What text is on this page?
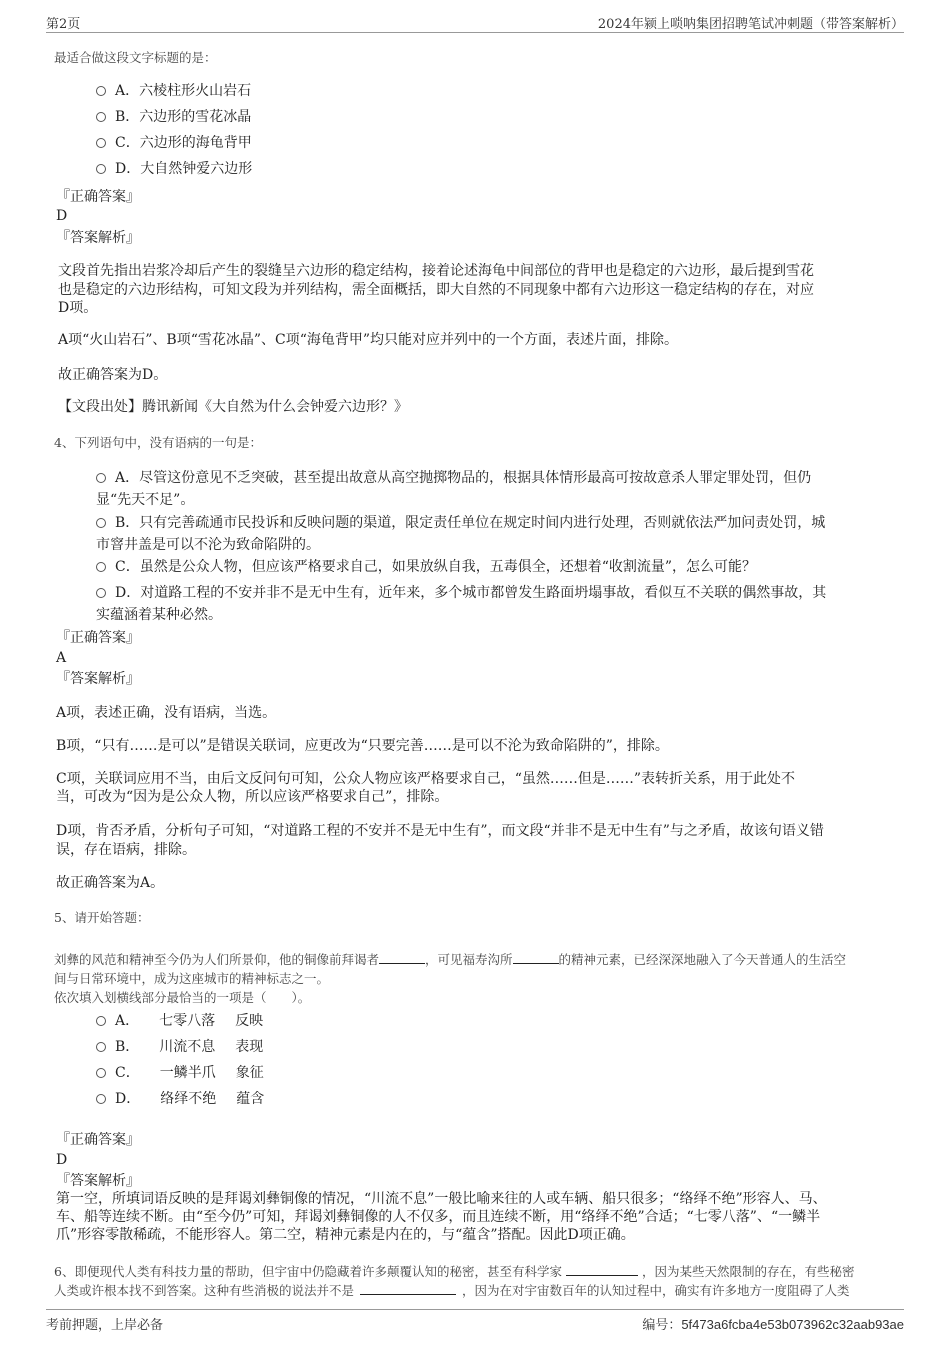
第2页	2024年颍上唢呐集团招聘笔试冲刺题（带答案解析）
最适合做这段文字标题的是：
A．六棱柱形火山岩石
B．六边形的雪花冰晶
C．六边形的海龟背甲
D．大自然钟爱六边形
『正确答案』
D
『答案解析』
文段首先指出岩浆冷却后产生的裂缝呈六边形的稳定结构，接着论述海龟中间部位的背甲也是稳定的六边形，最后提到雪花
也是稳定的六边形结构，可知文段为并列结构，需全面概括，即大自然的不同现象中都有六边形这一稳定结构的存在，对应
D项。
A项“火山岩石”、B项“雪花冰晶”、C项“海龟背甲”均只能对应并列中的一个方面，表述片面，排除。
故正确答案为D。
【文段出处】腾讯新闻《大自然为什么会钟爱六边形？》
4、下列语句中，没有语病的一句是：
A．尽管这份意见不乏突破，甚至提出故意从高空抛掷物品的，根据具体情形最高可按故意杀人罪定罪处罚，但仍
显“先天不足”。
B．只有完善疏通市民投诉和反映问题的渠道，限定责任单位在规定时间内进行处理，否则就依法严加问责处罚，城
市窨井盖是可以不沦为致命陷阱的。
C．虽然是公众人物，但应该严格要求自己，如果放纵自我，五毒俱全，还想着“收割流量”，怎么可能？
D．对道路工程的不安并非不是无中生有，近年来，多个城市都曾发生路面坍塌事故，看似互不关联的偶然事故，其
实蕴涵着某种必然。
『正确答案』
A
『答案解析』
A项，表述正确，没有语病，当选。
B项，“只有……是可以”是错误关联词，应更改为“只要完善……是可以不沦为致命陷阱的”，排除。
C项，关联词应用不当，由后文反问句可知，公众人物应该严格要求自己，“虽然……但是……”表转折关系，用于此处不
当，可改为“因为是公众人物，所以应该严格要求自己”，排除。
D项，肯否矛盾，分析句子可知，“对道路工程的不安并不是无中生有”，而文段“并非不是无中生有”与之矛盾，故该句语义错
误，存在语病，排除。
故正确答案为A。
5、请开始答题：
刘彝的风范和精神至今仍为人们所景仰，他的铜像前拜谒者	，可见福寿沟所	的精神元素，已经深深地融入了今天普通人的生活空
间与日常环境中，成为这座城市的精神标志之一。
依次填入划横线部分最恰当的一项是（　　）。
A． 七零八落 反映
B． 川流不息 表现
C． 一鳞半爪 象征
D． 络绎不绝 蕴含
『正确答案』
D
『答案解析』
第一空，所填词语反映的是拜谒刘彝铜像的情况，“川流不息”一般比喻来往的人或车辆、船只很多；“络绎不绝”形容人、马、
车、船等连续不断。由“至今仍”可知，拜谒刘彝铜像的人不仅多，而且连续不断，用“络绎不绝”合适；“七零八落”、“一鳞半
爪”形容零散稀疏，不能形容人。第二空，精神元素是内在的，与“蕴含”搭配。因此D项正确。
6、即便现代人类有科技力量的帮助，但宇宙中仍隐藏着许多颠覆认知的秘密，甚至有科学家	，因为某些天然限制的存在，有些秘密
人类或许根本找不到答案。这种有些消极的说法并不是	，因为在对宇宙数百年的认知过程中，确实有许多地方一度阻碍了人类
考前押题，上岸必备	编号：5f473a6fcba4e53b073962c32aab93ae
